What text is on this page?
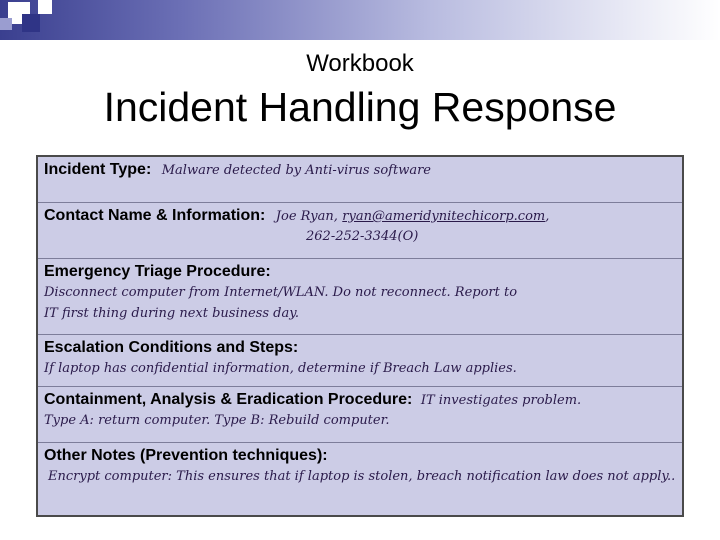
Workbook
Incident Handling Response
Incident Type: Malware detected by Anti-virus software
Contact Name & Information: Joe Ryan, ryan@ameridynitechicorp.com,
262-252-3344(O)
Emergency Triage Procedure:
Disconnect computer from Internet/WLAN. Do not reconnect. Report to
IT first thing during next business day.
Escalation Conditions and Steps:
If laptop has confidential information, determine if Breach Law applies.
Containment, Analysis & Eradication Procedure: IT investigates problem.
Type A: return computer. Type B: Rebuild computer.
Other Notes (Prevention techniques):
Encrypt computer: This ensures that if laptop is stolen, breach notification law does not apply..
